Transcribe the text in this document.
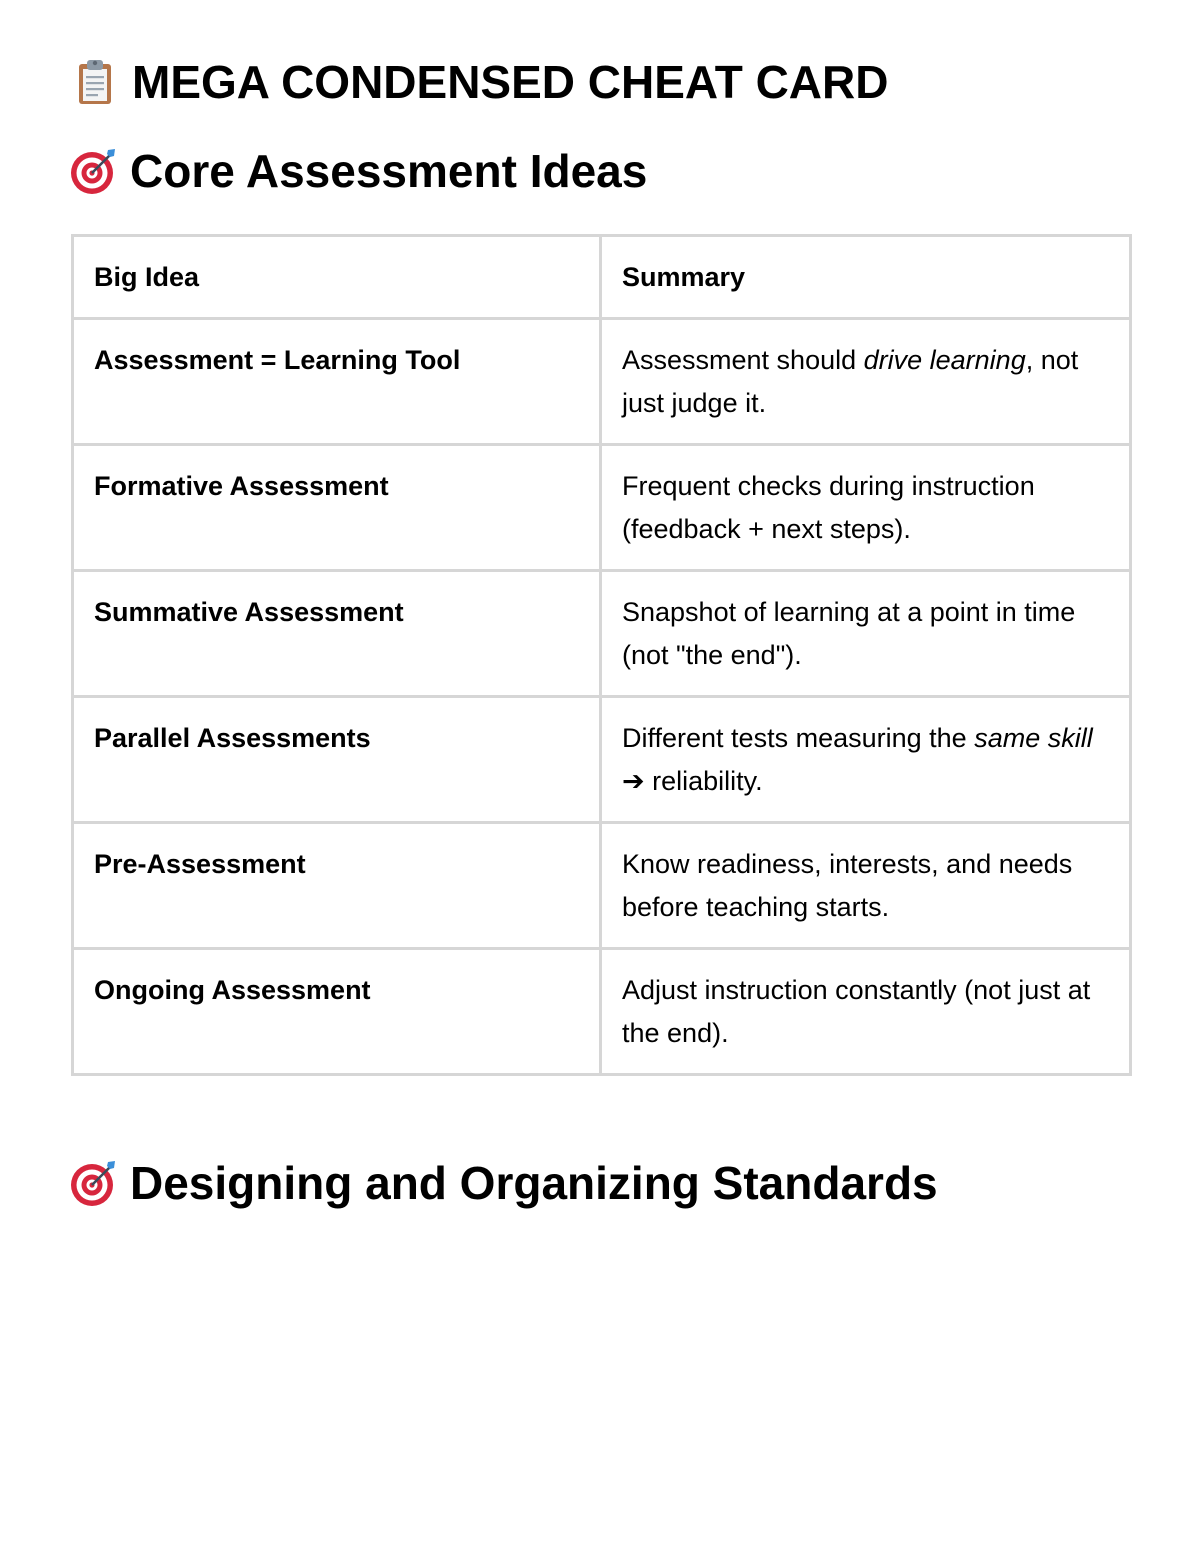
MEGA CONDENSED CHEAT CARD
Core Assessment Ideas
Big Idea	Summary
Assessment = Learning Tool	Assessment should drive learning, not just judge it.
Formative Assessment	Frequent checks during instruction (feedback + next steps).
Summative Assessment	Snapshot of learning at a point in time (not "the end").
Parallel Assessments	Different tests measuring the same skill ➔ reliability.
Pre-Assessment	Know readiness, interests, and needs before teaching starts.
Ongoing Assessment	Adjust instruction constantly (not just at the end).
Designing and Organizing Standards
